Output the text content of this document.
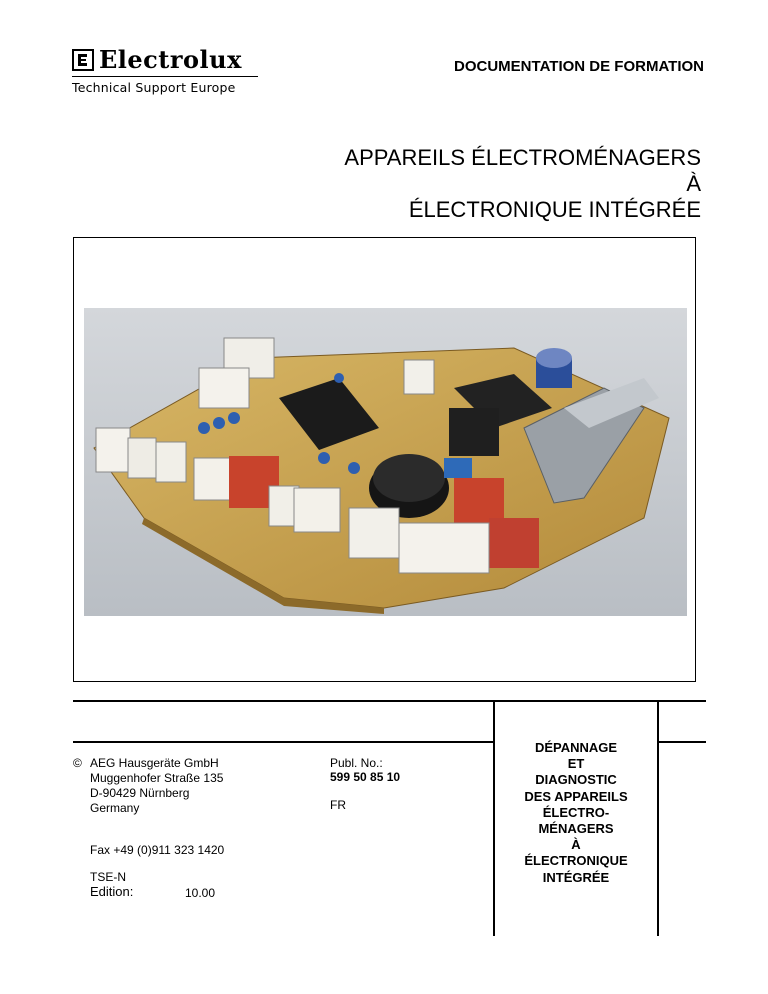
Electrolux
Technical Support Europe
DOCUMENTATION DE FORMATION
APPAREILS ÉLECTROMÉNAGERS
À
ÉLECTRONIQUE INTÉGRÉE
© AEG Hausgeräte GmbH
Muggenhofer Straße 135
D-90429 Nürnberg
Germany
Fax +49 (0)911 323 1420
TSE-N
Edition:	10.00
Publ. No.:
599 50 85 10
FR
DÉPANNAGE
ET
DIAGNOSTIC
DES APPAREILS
ÉLECTRO-
MÉNAGERS
À
ÉLECTRONIQUE
INTÉGRÉE
